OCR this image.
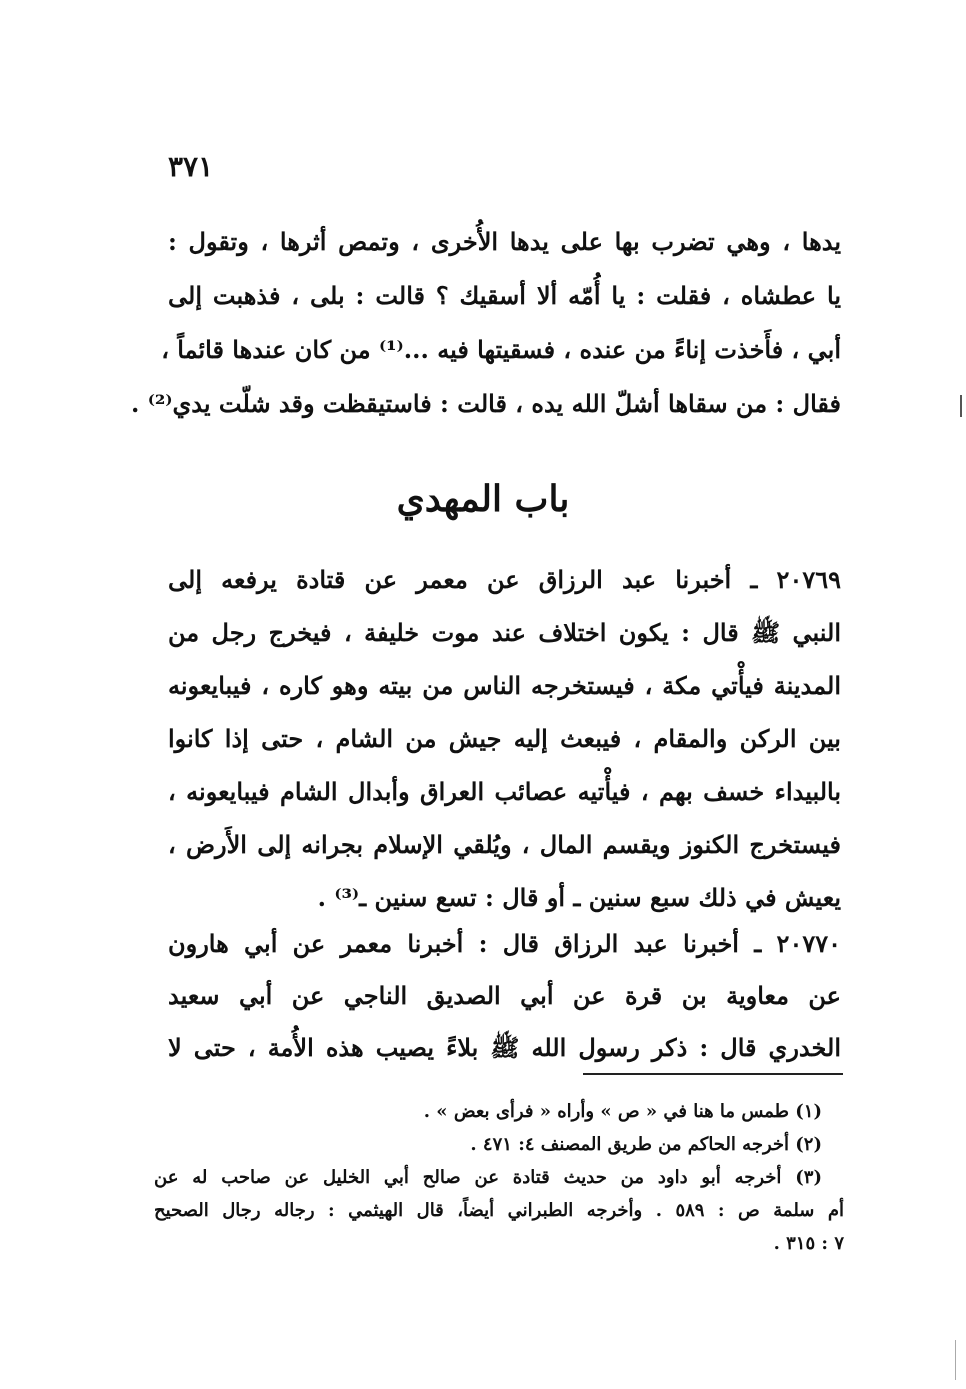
٣٧١
يدها ، وهي تضرب بها على يدها الأُخرى ، وتمص أثرها ، وتقول :
يا عطشاه ، فقلت : يا أُمّه ألا أسقيك ؟ قالت : بلى ، فذهبت إلى
أبي ، فأَخذت إناءً من عنده ، فسقيتها فيه ...⁽¹⁾ من كان عندها قائماً ،
فقال : من سقاها أشلّ الله يده ، قالت : فاستيقظت وقد شلّت يدي⁽²⁾ .
باب المهدي
٢٠٧٦٩ ـ أخبرنا عبد الرزاق عن معمر عن قتادة يرفعه إلى
النبي ﷺ قال : يكون اختلاف عند موت خليفة ، فيخرج رجل من
المدينة فيأْتي مكة ، فيستخرجه الناس من بيته وهو كاره ، فيبايعونه
بين الركن والمقام ، فيبعث إليه جيش من الشام ، حتى إذا كانوا
بالبيداء خسف بهم ، فيأْتيه عصائب العراق وأبدال الشام فيبايعونه ،
فيستخرج الكنوز ويقسم المال ، ويُلقي الإسلام بجرانه إلى الأَرض ،
يعيش في ذلك سبع سنين ـ أو قال : تسع سنين ـ⁽³⁾ .
٢٠٧٧٠ ـ أخبرنا عبد الرزاق قال : أخبرنا معمر عن أبي هارون
عن معاوية بن قرة عن أبي الصديق الناجي عن أبي سعيد
الخدري قال : ذكر رسول الله ﷺ بلاءً يصيب هذه الأُمة ، حتى لا
(١) طمس ما هنا في « ص » وأراه « فرأى بعض » .
(٢) أخرجه الحاكم من طريق المصنف ٤: ٤٧١ .
(٣) أخرجه أبو داود من حديث قتادة عن صالح أبي الخليل عن صاحب له عن
أم سلمة ص : ٥٨٩ . وأخرجه الطبراني أيضاً، قال الهيثمي : رجاله رجال الصحيح
٧ : ٣١٥ .
